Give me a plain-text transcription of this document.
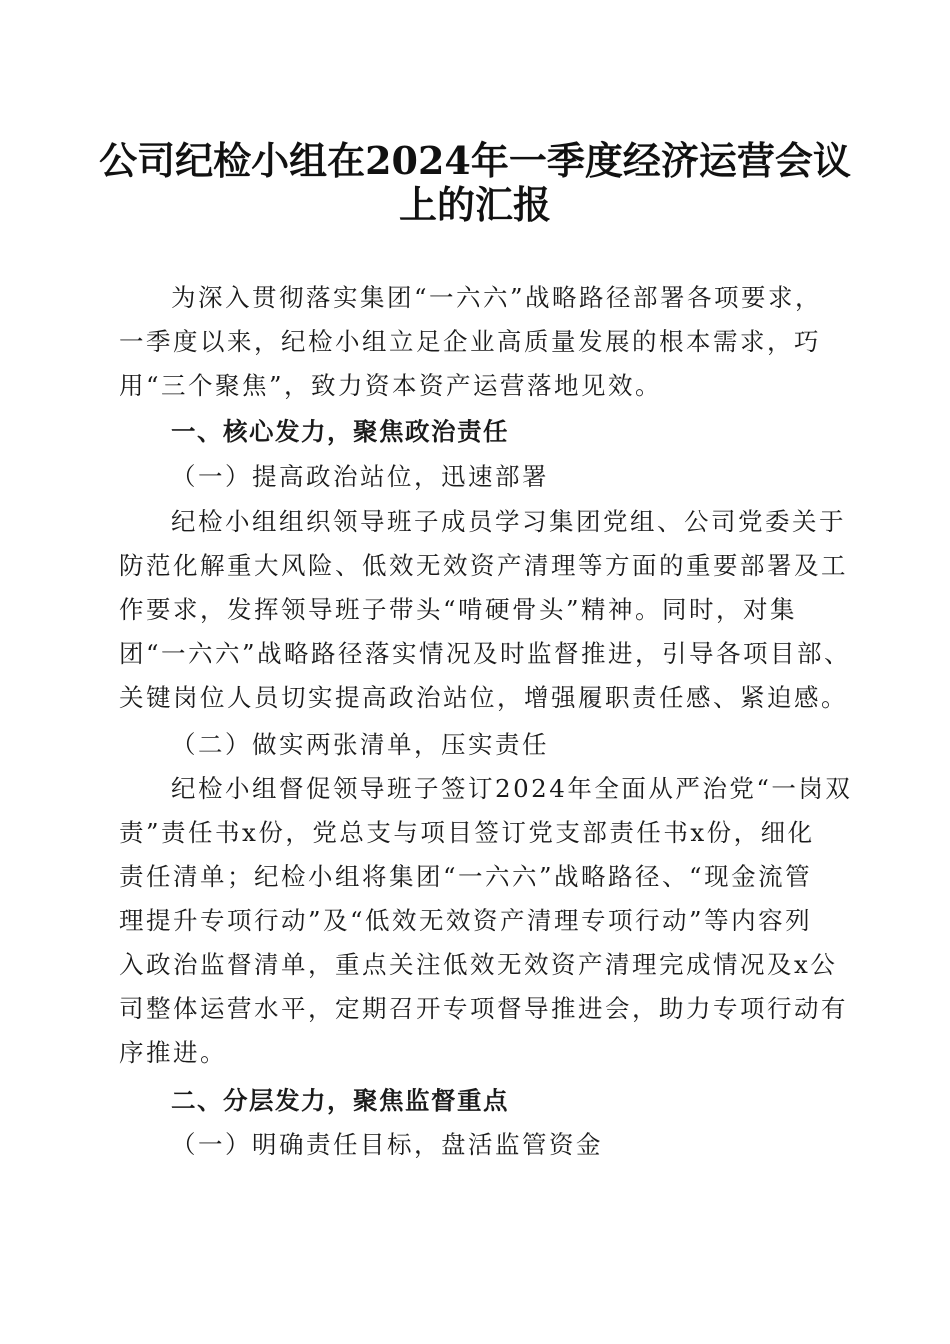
公司纪检小组在2024年一季度经济运营会议
上的汇报

为深入贯彻落实集团“一六六”战略路径部署各项要求，

一季度以来，纪检小组立足企业高质量发展的根本需求，巧

用“三个聚焦”，致力资本资产运营落地见效。

一、核心发力，聚焦政治责任

（一）提高政治站位，迅速部署

纪检小组组织领导班子成员学习集团党组、公司党委关于

防范化解重大风险、低效无效资产清理等方面的重要部署及工

作要求，发挥领导班子带头“啃硬骨头”精神。同时，对集

团“一六六”战略路径落实情况及时监督推进，引导各项目部、

关键岗位人员切实提高政治站位，增强履职责任感、紧迫感。

（二）做实两张清单，压实责任

纪检小组督促领导班子签订2024年全面从严治党“一岗双

责”责任书x份，党总支与项目签订党支部责任书x份，细化

责任清单；纪检小组将集团“一六六”战略路径、“现金流管

理提升专项行动”及“低效无效资产清理专项行动”等内容列

入政治监督清单，重点关注低效无效资产清理完成情况及x公

司整体运营水平，定期召开专项督导推进会，助力专项行动有

序推进。

二、分层发力，聚焦监督重点

（一）明确责任目标，盘活监管资金
